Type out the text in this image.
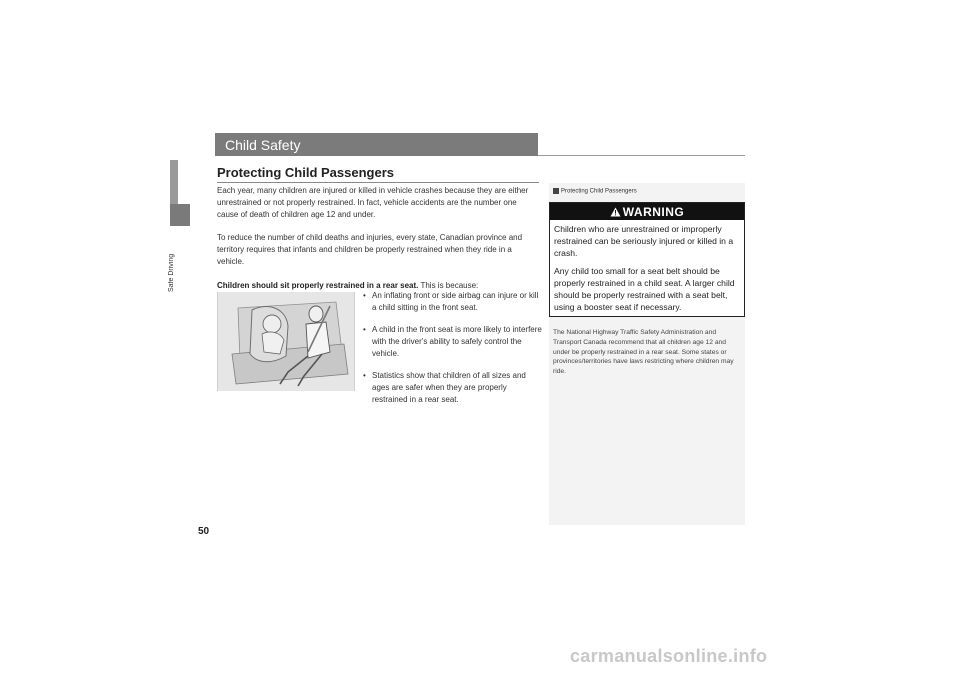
Safe Driving
50
Child Safety
Protecting Child Passengers

Each year, many children are injured or killed in vehicle crashes because they are either unrestrained or not properly restrained. In fact, vehicle accidents are the number one cause of death of children age 12 and under.

To reduce the number of child deaths and injuries, every state, Canadian province and territory requires that infants and children be properly restrained when they ride in a vehicle.

Children should sit properly restrained in a rear seat. This is because:

• An inflating front or side airbag can injure or kill a child sitting in the front seat.
• A child in the front seat is more likely to interfere with the driver's ability to safely control the vehicle.
• Statistics show that children of all sizes and ages are safer when they are properly restrained in a rear seat.
Protecting Child Passengers
WARNING

Children who are unrestrained or improperly restrained can be seriously injured or killed in a crash.

Any child too small for a seat belt should be properly restrained in a child seat. A larger child should be properly restrained with a seat belt, using a booster seat if necessary.

The National Highway Traffic Safety Administration and Transport Canada recommend that all children age 12 and under be properly restrained in a rear seat. Some states or provinces/territories have laws restricting where children may ride.

carmanualsonline.info
